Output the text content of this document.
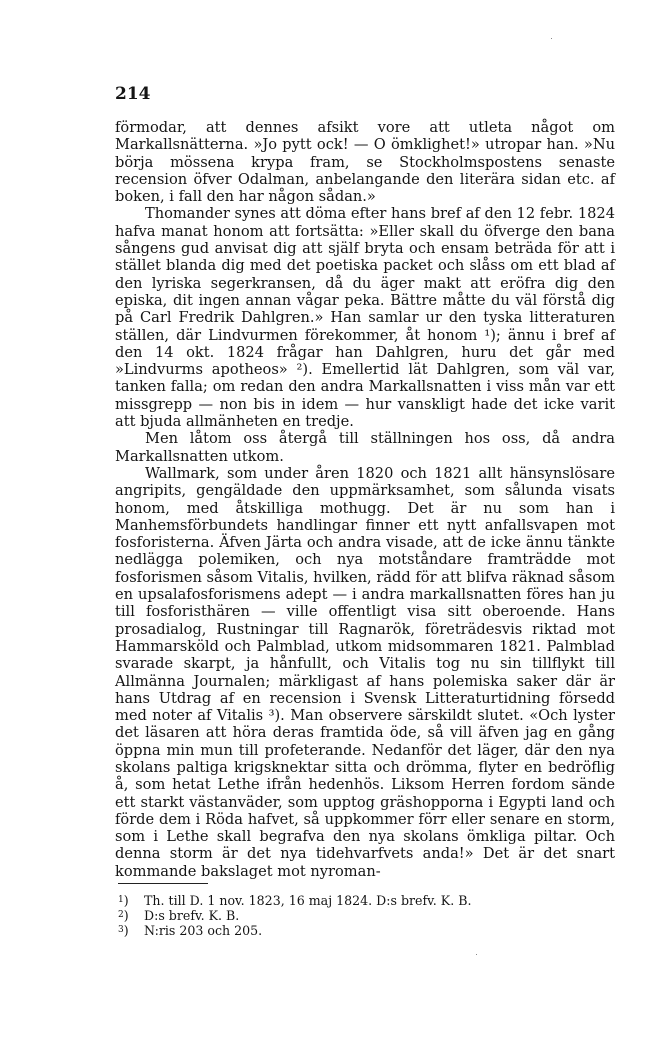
214

förmodar, att dennes afsikt vore att utleta något om Markallsnätterna. »Jo pytt ock! — O ömklighet!» utropar han. »Nu börja mössena krypa fram, se Stockholmspostens senaste recension öfver Odalman, anbelangande den literära sidan etc. af boken, i fall den har någon sådan.»

Thomander synes att döma efter hans bref af den 12 febr. 1824 hafva manat honom att fortsätta: »Eller skall du öfverge den bana sångens gud anvisat dig att själf bryta och ensam beträda för att i stället blanda dig med det poetiska packet och slåss om ett blad af den lyriska segerkransen, då du äger makt att eröfra dig den episka, dit ingen annan vågar peka. Bättre måtte du väl förstå dig på Carl Fredrik Dahlgren.» Han samlar ur den tyska litteraturen ställen, där Lindvurmen förekommer, åt honom ¹); ännu i bref af den 14 okt. 1824 frågar han Dahlgren, huru det går med »Lindvurms apotheos» ²). Emellertid lät Dahlgren, som väl var, tanken falla; om redan den andra Markallsnatten i viss mån var ett missgrepp — non bis in idem — hur vanskligt hade det icke varit att bjuda allmänheten en tredje.

Men låtom oss återgå till ställningen hos oss, då andra Markallsnatten utkom.

Wallmark, som under åren 1820 och 1821 allt hänsynslösare angripits, gengäldade den uppmärksamhet, som sålunda visats honom, med åtskilliga mothugg. Det är nu som han i Manhemsförbundets handlingar finner ett nytt anfallsvapen mot fosforisterna. Äfven Järta och andra visade, att de icke ännu tänkte nedlägga polemiken, och nya motståndare framträdde mot fosforismen såsom Vitalis, hvilken, rädd för att blifva räknad såsom en upsalafosforismens adept — i andra markallsnatten föres han ju till fosforisthären — ville offentligt visa sitt oberoende. Hans prosadialog, Rustningar till Ragnarök, företrädesvis riktad mot Hammarsköld och Palmblad, utkom midsommaren 1821. Palmblad svarade skarpt, ja hånfullt, och Vitalis tog nu sin tillflykt till Allmänna Journalen; märkligast af hans polemiska saker där är hans Utdrag af en recension i Svensk Litteraturtidning försedd med noter af Vitalis ³). Man observere särskildt slutet. «Och lyster det läsaren att höra deras framtida öde, så vill äfven jag en gång öppna min mun till profeterande. Nedanför det läger, där den nya skolans paltiga krigsknektar sitta och drömma, flyter en bedröflig å, som hetat Lethe ifrån hedenhös. Liksom Herren fordom sände ett starkt västanväder, som upptog gräshopporna i Egypti land och förde dem i Röda hafvet, så uppkommer förr eller senare en storm, som i Lethe skall begrafva den nya skolans ömkliga piltar. Och denna storm är det nya tidehvarfvets anda!» Det är det snart kommande bakslaget mot nyroman-

$^1$) Th. till D. 1 nov. 1823, 16 maj 1824. D:s brefv. K. B.
$^2$) D:s brefv. K. B.
$^3$) N:ris 203 och 205.
